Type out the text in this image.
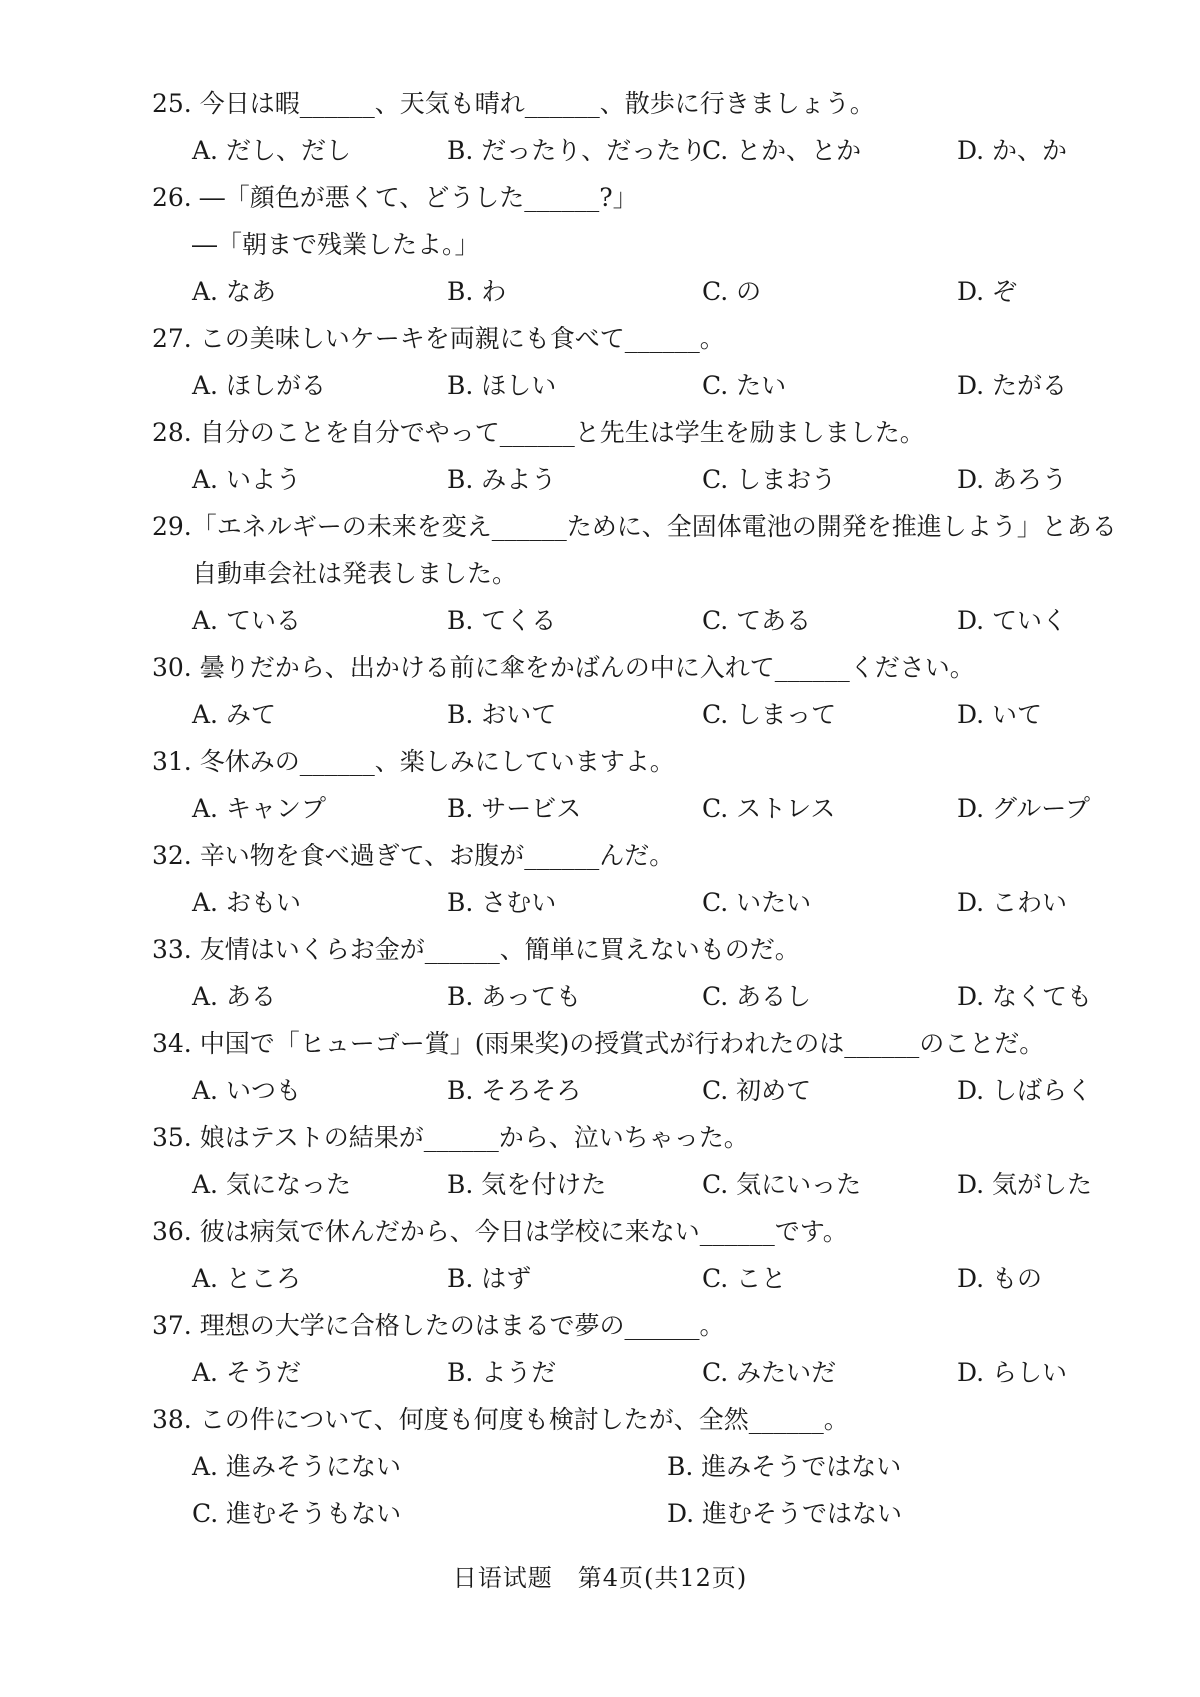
25. 今日は暇______、天気も晴れ______、散歩に行きましょう。
A. だし、だし	B. だったり、だったり
C. とか、とか	D. か、か
26. ―「顔色が悪くて、どうした______?」
―「朝まで残業したよ。」
A. なあ	B. わ	C. の	D. ぞ
27. この美味しいケーキを両親にも食べて______。
A. ほしがる	B. ほしい	C. たい	D. たがる
28. 自分のことを自分でやって______と先生は学生を励ましました。
A. いよう	B. みよう	C. しまおう	D. あろう
29.「エネルギーの未来を変え______ために、全固体電池の開発を推進しよう」とある
自動車会社は発表しました。
A. ている	B. てくる	C. てある	D. ていく
30. 曇りだから、出かける前に傘をかばんの中に入れて______ください。
A. みて	B. おいて	C. しまって	D. いて
31. 冬休みの______、楽しみにしていますよ。
A. キャンプ	B. サービス	C. ストレス	D. グループ
32. 辛い物を食べ過ぎて、お腹が______んだ。
A. おもい	B. さむい	C. いたい	D. こわい
33. 友情はいくらお金が______、簡単に買えないものだ。
A. ある	B. あっても	C. あるし	D. なくても
34. 中国で「ヒューゴー賞」(雨果奖)の授賞式が行われたのは______のことだ。
A. いつも	B. そろそろ	C. 初めて	D. しばらく
35. 娘はテストの結果が______から、泣いちゃった。
A. 気になった	B. 気を付けた	C. 気にいった	D. 気がした
36. 彼は病気で休んだから、今日は学校に来ない______です。
A. ところ	B. はず	C. こと	D. もの
37. 理想の大学に合格したのはまるで夢の______。
A. そうだ	B. ようだ	C. みたいだ	D. らしい
38. この件について、何度も何度も検討したが、全然______。
A. 進みそうにない	B. 進みそうではない
C. 進むそうもない	D. 進むそうではない
日语试题　第4页(共12页)
